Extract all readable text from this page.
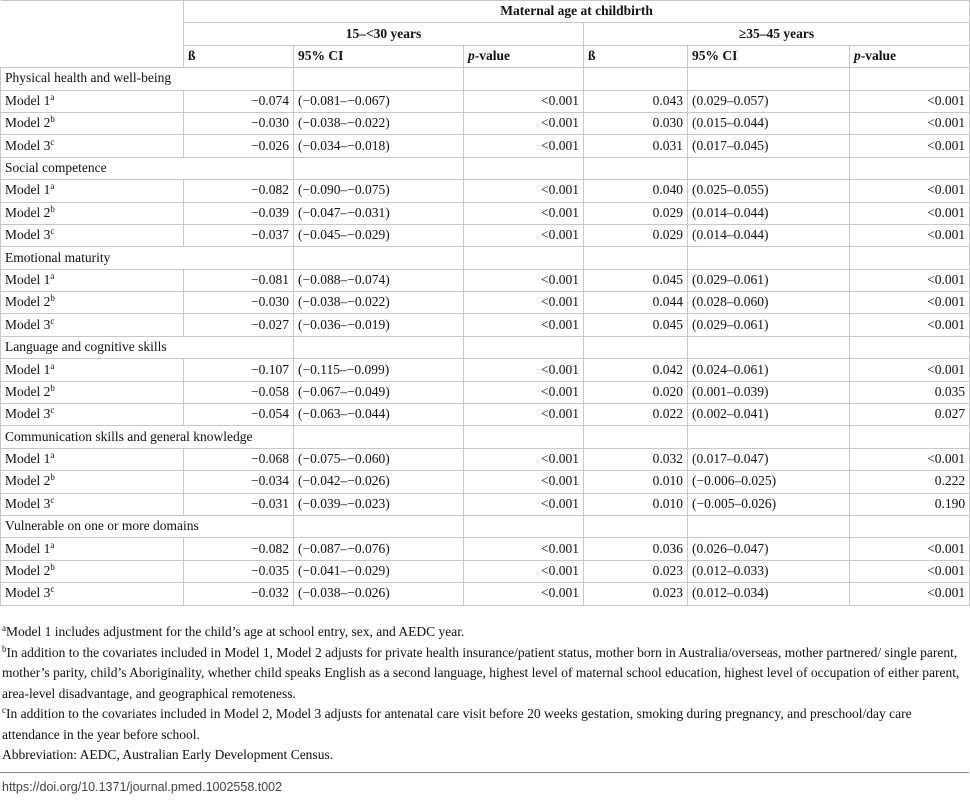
	Maternal age at childbirth					
	15–<30 years			≥35–45 years		
	ß	95% CI	p-value	ß	95% CI	p-value
Physical health and well-being						
Model $1^a$	−0.074	(−0.081–−0.067)	<0.001	0.043	(0.029–0.057)	<0.001
Model $2^b$	−0.030	(−0.038–−0.022)	<0.001	0.030	(0.015–0.044)	<0.001
Model $3^c$	−0.026	(−0.034–−0.018)	<0.001	0.031	(0.017–0.045)	<0.001
Social competence						
Model $1^a$	−0.082	(−0.090–−0.075)	<0.001	0.040	(0.025–0.055)	<0.001
Model $2^b$	−0.039	(−0.047–−0.031)	<0.001	0.029	(0.014–0.044)	<0.001
Model $3^c$	−0.037	(−0.045–−0.029)	<0.001	0.029	(0.014–0.044)	<0.001
Emotional maturity						
Model $1^a$	−0.081	(−0.088–−0.074)	<0.001	0.045	(0.029–0.061)	<0.001
Model $2^b$	−0.030	(−0.038–−0.022)	<0.001	0.044	(0.028–0.060)	<0.001
Model $3^c$	−0.027	(−0.036–−0.019)	<0.001	0.045	(0.029–0.061)	<0.001
Language and cognitive skills						
Model $1^a$	−0.107	(−0.115–−0.099)	<0.001	0.042	(0.024–0.061)	<0.001
Model $2^b$	−0.058	(−0.067–−0.049)	<0.001	0.020	(0.001–0.039)	0.035
Model $3^c$	−0.054	(−0.063–−0.044)	<0.001	0.022	(0.002–0.041)	0.027
Communication skills and general knowledge						
Model $1^a$	−0.068	(−0.075–−0.060)	<0.001	0.032	(0.017–0.047)	<0.001
Model $2^b$	−0.034	(−0.042–−0.026)	<0.001	0.010	(−0.006–0.025)	0.222
Model $3^c$	−0.031	(−0.039–−0.023)	<0.001	0.010	(−0.005–0.026)	0.190
Vulnerable on one or more domains						
Model $1^a$	−0.082	(−0.087–−0.076)	<0.001	0.036	(0.026–0.047)	<0.001
Model $2^b$	−0.035	(−0.041–−0.029)	<0.001	0.023	(0.012–0.033)	<0.001
Model $3^c$	−0.032	(−0.038–−0.026)	<0.001	0.023	(0.012–0.034)	<0.001

$^a$Model 1 includes adjustment for the child’s age at school entry, sex, and AEDC year.

$^b$In addition to the covariates included in Model 1, Model 2 adjusts for private health insurance/patient status, mother born in Australia/overseas, mother partnered/ single parent, mother’s parity, child’s Aboriginality, whether child speaks English as a second language, highest level of maternal school education, highest level of occupation of either parent, area-level disadvantage, and geographical remoteness.

$^c$In addition to the covariates included in Model 2, Model 3 adjusts for antenatal care visit before 20 weeks gestation, smoking during pregnancy, and preschool/day care attendance in the year before school.

Abbreviation: AEDC, Australian Early Development Census.

https://doi.org/10.1371/journal.pmed.1002558.t002
